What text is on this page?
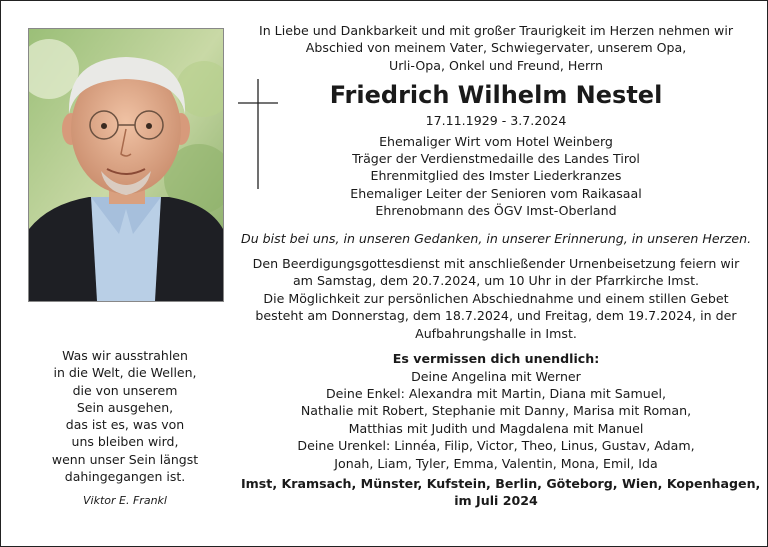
Was wir ausstrahlen
in die Welt, die Wellen,
die von unserem
Sein ausgehen,
das ist es, was von
uns bleiben wird,
wenn unser Sein längst
dahingegangen ist.
Viktor E. Frankl
In Liebe und Dankbarkeit und mit großer Traurigkeit im Herzen nehmen wir
Abschied von meinem Vater, Schwiegervater, unserem Opa,
Urli-Opa, Onkel und Freund, Herrn
Friedrich Wilhelm Nestel
17.11.1929 - 3.7.2024
Ehemaliger Wirt vom Hotel Weinberg
Träger der Verdienstmedaille des Landes Tirol
Ehrenmitglied des Imster Liederkranzes
Ehemaliger Leiter der Senioren vom Raikasaal
Ehrenobmann des ÖGV Imst-Oberland
Du bist bei uns, in unseren Gedanken, in unserer Erinnerung, in unseren Herzen.
Den Beerdigungsgottesdienst mit anschließender Urnenbeisetzung feiern wir
am Samstag, dem 20.7.2024, um 10 Uhr in der Pfarrkirche Imst.
Die Möglichkeit zur persönlichen Abschiednahme und einem stillen Gebet
besteht am Donnerstag, dem 18.7.2024, und Freitag, dem 19.7.2024, in der
Aufbahrungshalle in Imst.
Es vermissen dich unendlich:
Deine Angelina mit Werner
Deine Enkel: Alexandra mit Martin, Diana mit Samuel,
Nathalie mit Robert, Stephanie mit Danny, Marisa mit Roman,
Matthias mit Judith und Magdalena mit Manuel
Deine Urenkel: Linnéa, Filip, Victor, Theo, Linus, Gustav, Adam,
Jonah, Liam, Tyler, Emma, Valentin, Mona, Emil, Ida
Imst, Kramsach, Münster, Kufstein, Berlin, Göteborg, Wien, Kopenhagen,
im Juli 2024
